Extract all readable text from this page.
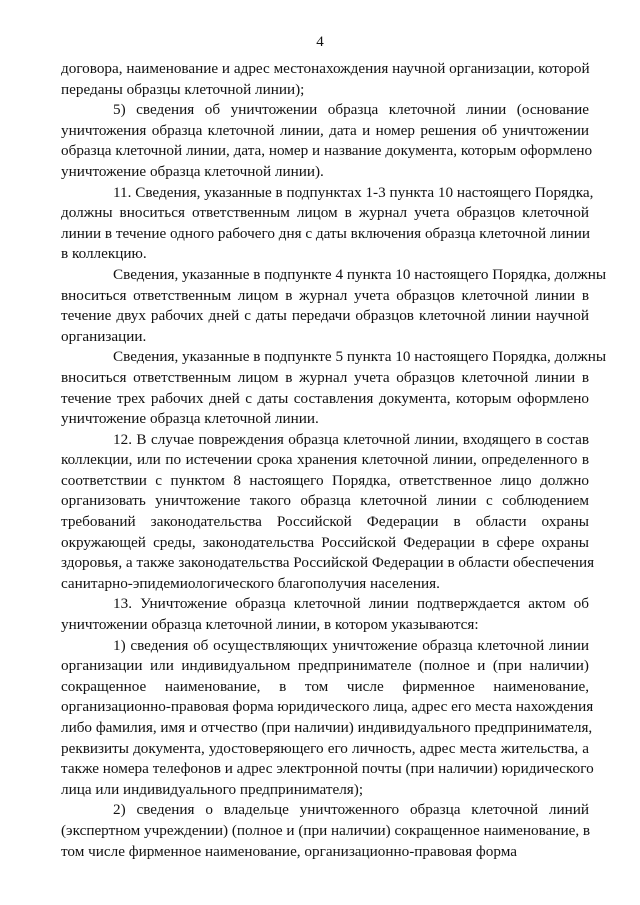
4
договора, наименование и адрес местонахождения научной организации, которой
переданы образцы клеточной линии);
5) сведения об уничтожении образца клеточной линии (основание
уничтожения образца клеточной линии, дата и номер решения об уничтожении
образца клеточной линии, дата, номер и название документа, которым оформлено
уничтожение образца клеточной линии).
11. Сведения, указанные в подпунктах 1-3 пункта 10 настоящего Порядка,
должны вноситься ответственным лицом в журнал учета образцов клеточной
линии в течение одного рабочего дня с даты включения образца клеточной линии
в коллекцию.
Сведения, указанные в подпункте 4 пункта 10 настоящего Порядка, должны
вноситься ответственным лицом в журнал учета образцов клеточной линии в
течение двух рабочих дней с даты передачи образцов клеточной линии научной
организации.
Сведения, указанные в подпункте 5 пункта 10 настоящего Порядка, должны
вноситься ответственным лицом в журнал учета образцов клеточной линии в
течение трех рабочих дней с даты составления документа, которым оформлено
уничтожение образца клеточной линии.
12. В случае повреждения образца клеточной линии, входящего в состав
коллекции, или по истечении срока хранения клеточной линии, определенного в
соответствии с пунктом 8 настоящего Порядка, ответственное лицо должно
организовать уничтожение такого образца клеточной линии с соблюдением
требований законодательства Российской Федерации в области охраны
окружающей среды, законодательства Российской Федерации в сфере охраны
здоровья, а также законодательства Российской Федерации в области обеспечения
санитарно-эпидемиологического благополучия населения.
13. Уничтожение образца клеточной линии подтверждается актом об
уничтожении образца клеточной линии, в котором указываются:
1) сведения об осуществляющих уничтожение образца клеточной линии
организации или индивидуальном предпринимателе (полное и (при наличии)
сокращенное наименование, в том числе фирменное наименование,
организационно-правовая форма юридического лица, адрес его места нахождения
либо фамилия, имя и отчество (при наличии) индивидуального предпринимателя,
реквизиты документа, удостоверяющего его личность, адрес места жительства, а
также номера телефонов и адрес электронной почты (при наличии) юридического
лица или индивидуального предпринимателя);
2) сведения о владельце уничтоженного образца клеточной линий
(экспертном учреждении) (полное и (при наличии) сокращенное наименование, в
том числе фирменное наименование, организационно-правовая форма
